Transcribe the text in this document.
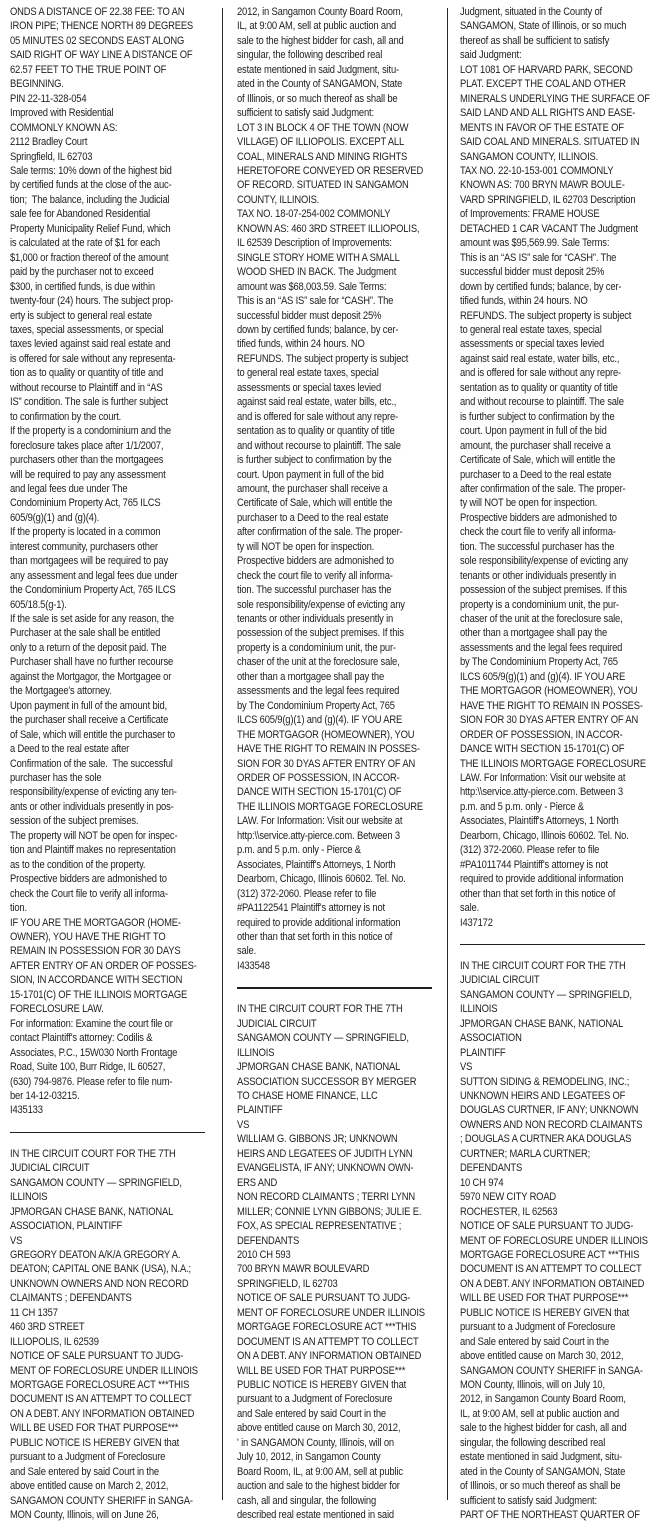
ONDS A DISTANCE OF 22.38 FEE: TO AN
IRON PIPE; THENCE NORTH 89 DEGREES
05 MINUTES 02 SECONDS EAST ALONG
SAID RIGHT OF WAY LINE A DISTANCE OF
62.57 FEET TO THE TRUE POINT OF
BEGINNING.
PIN 22-11-328-054
Improved with Residential
COMMONLY KNOWN AS:
2112 Bradley Court
Springfield, IL 62703
Sale terms: 10% down of the highest bid
by certified funds at the close of the auc-
tion;  The balance, including the Judicial
sale fee for Abandoned Residential
Property Municipality Relief Fund, which
is calculated at the rate of $1 for each
$1,000 or fraction thereof of the amount
paid by the purchaser not to exceed
$300, in certified funds, is due within
twenty-four (24) hours. The subject prop-
erty is subject to general real estate
taxes, special assessments, or special
taxes levied against said real estate and
is offered for sale without any representa-
tion as to quality or quantity of title and
without recourse to Plaintiff and in “AS
IS” condition. The sale is further subject
to confirmation by the court.
If the property is a condominium and the
foreclosure takes place after 1/1/2007,
purchasers other than the mortgagees
will be required to pay any assessment
and legal fees due under The
Condominium Property Act, 765 ILCS
605/9(g)(1) and (g)(4).
If the property is located in a common
interest community, purchasers other
than mortgagees will be required to pay
any assessment and legal fees due under
the Condominium Property Act, 765 ILCS
605/18.5(g-1).
If the sale is set aside for any reason, the
Purchaser at the sale shall be entitled
only to a return of the deposit paid. The
Purchaser shall have no further recourse
against the Mortgagor, the Mortgagee or
the Mortgagee's attorney.
Upon payment in full of the amount bid,
the purchaser shall receive a Certificate
of Sale, which will entitle the purchaser to
a Deed to the real estate after
Confirmation of the sale.  The successful
purchaser has the sole
responsibility/expense of evicting any ten-
ants or other individuals presently in pos-
session of the subject premises.
The property will NOT be open for inspec-
tion and Plaintiff makes no representation
as to the condition of the property.
Prospective bidders are admonished to
check the Court file to verify all informa-
tion.
IF YOU ARE THE MORTGAGOR (HOME-
OWNER), YOU HAVE THE RIGHT TO
REMAIN IN POSSESSION FOR 30 DAYS
AFTER ENTRY OF AN ORDER OF POSSES-
SION, IN ACCORDANCE WITH SECTION
15-1701(C) OF THE ILLINOIS MORTGAGE
FORECLOSURE LAW.
For information: Examine the court file or
contact Plaintiff's attorney: Codilis &
Associates, P.C., 15W030 North Frontage
Road, Suite 100, Burr Ridge, IL 60527,
(630) 794-9876. Please refer to file num-
ber 14-12-03215.
I435133
IN THE CIRCUIT COURT FOR THE 7TH
JUDICIAL CIRCUIT
SANGAMON COUNTY — SPRINGFIELD,
ILLINOIS
JPMORGAN CHASE BANK, NATIONAL
ASSOCIATION, PLAINTIFF
VS
GREGORY DEATON A/K/A GREGORY A.
DEATON; CAPITAL ONE BANK (USA), N.A.;
UNKNOWN OWNERS AND NON RECORD
CLAIMANTS ; DEFENDANTS
11 CH 1357
460 3RD STREET
ILLIOPOLIS, IL 62539
NOTICE OF SALE PURSUANT TO JUDG-
MENT OF FORECLOSURE UNDER ILLINOIS
MORTGAGE FORECLOSURE ACT ***THIS
DOCUMENT IS AN ATTEMPT TO COLLECT
ON A DEBT. ANY INFORMATION OBTAINED
WILL BE USED FOR THAT PURPOSE***
PUBLIC NOTICE IS HEREBY GIVEN that
pursuant to a Judgment of Foreclosure
and Sale entered by said Court in the
above entitled cause on March 2, 2012,
SANGAMON COUNTY SHERIFF in SANGA-
MON County, Illinois, will on June 26,
2012, in Sangamon County Board Room,
IL, at 9:00 AM, sell at public auction and
sale to the highest bidder for cash, all and
singular, the following described real
estate mentioned in said Judgment, situ-
ated in the County of SANGAMON, State
of Illinois, or so much thereof as shall be
sufficient to satisfy said Judgment:
LOT 3 IN BLOCK 4 OF THE TOWN (NOW
VILLAGE) OF ILLIOPOLIS. EXCEPT ALL
COAL, MINERALS AND MINING RIGHTS
HERETOFORE CONVEYED OR RESERVED
OF RECORD. SITUATED IN SANGAMON
COUNTY, ILLINOIS.
TAX NO. 18-07-254-002 COMMONLY
KNOWN AS: 460 3RD STREET ILLIOPOLIS,
IL 62539 Description of Improvements:
SINGLE STORY HOME WITH A SMALL
WOOD SHED IN BACK. The Judgment
amount was $68,003.59. Sale Terms:
This is an “AS IS” sale for “CASH”. The
successful bidder must deposit 25%
down by certified funds; balance, by cer-
tified funds, within 24 hours. NO
REFUNDS. The subject property is subject
to general real estate taxes, special
assessments or special taxes levied
against said real estate, water bills, etc.,
and is offered for sale without any repre-
sentation as to quality or quantity of title
and without recourse to plaintiff. The sale
is further subject to confirmation by the
court. Upon payment in full of the bid
amount, the purchaser shall receive a
Certificate of Sale, which will entitle the
purchaser to a Deed to the real estate
after confirmation of the sale. The proper-
ty will NOT be open for inspection.
Prospective bidders are admonished to
check the court file to verify all informa-
tion. The successful purchaser has the
sole responsibility/expense of evicting any
tenants or other individuals presently in
possession of the subject premises. If this
property is a condominium unit, the pur-
chaser of the unit at the foreclosure sale,
other than a mortgagee shall pay the
assessments and the legal fees required
by The Condominium Property Act, 765
ILCS 605/9(g)(1) and (g)(4). IF YOU ARE
THE MORTGAGOR (HOMEOWNER), YOU
HAVE THE RIGHT TO REMAIN IN POSSES-
SION FOR 30 DYAS AFTER ENTRY OF AN
ORDER OF POSSESSION, IN ACCOR-
DANCE WITH SECTION 15-1701(C) OF
THE ILLINOIS MORTGAGE FORECLOSURE
LAW. For Information: Visit our website at
http:\\service.atty-pierce.com. Between 3
p.m. and 5 p.m. only - Pierce &
Associates, Plaintiff's Attorneys, 1 North
Dearborn, Chicago, Illinois 60602. Tel. No.
(312) 372-2060. Please refer to file
#PA1122541 Plaintiff's attorney is not
required to provide additional information
other than that set forth in this notice of
sale.
I433548
IN THE CIRCUIT COURT FOR THE 7TH
JUDICIAL CIRCUIT
SANGAMON COUNTY — SPRINGFIELD,
ILLINOIS
JPMORGAN CHASE BANK, NATIONAL
ASSOCIATION SUCCESSOR BY MERGER
TO CHASE HOME FINANCE, LLC
PLAINTIFF
VS
WILLIAM G. GIBBONS JR; UNKNOWN
HEIRS AND LEGATEES OF JUDITH LYNN
EVANGELISTA, IF ANY; UNKNOWN OWN-
ERS AND
NON RECORD CLAIMANTS ; TERRI LYNN
MILLER; CONNIE LYNN GIBBONS; JULIE E.
FOX, AS SPECIAL REPRESENTATIVE ;
DEFENDANTS
2010 CH 593
700 BRYN MAWR BOULEVARD
SPRINGFIELD, IL 62703
NOTICE OF SALE PURSUANT TO JUDG-
MENT OF FORECLOSURE UNDER ILLINOIS
MORTGAGE FORECLOSURE ACT ***THIS
DOCUMENT IS AN ATTEMPT TO COLLECT
ON A DEBT. ANY INFORMATION OBTAINED
WILL BE USED FOR THAT PURPOSE***
PUBLIC NOTICE IS HEREBY GIVEN that
pursuant to a Judgment of Foreclosure
and Sale entered by said Court in the
above entitled cause on March 30, 2012,
' in SANGAMON County, Illinois, will on
July 10, 2012, in Sangamon County
Board Room, IL, at 9:00 AM, sell at public
auction and sale to the highest bidder for
cash, all and singular, the following
described real estate mentioned in said
Judgment, situated in the County of
SANGAMON, State of Illinois, or so much
thereof as shall be sufficient to satisfy
said Judgment:
LOT 1081 OF HARVARD PARK, SECOND
PLAT. EXCEPT THE COAL AND OTHER
MINERALS UNDERLYING THE SURFACE OF
SAID LAND AND ALL RIGHTS AND EASE-
MENTS IN FAVOR OF THE ESTATE OF
SAID COAL AND MINERALS. SITUATED IN
SANGAMON COUNTY, ILLINOIS.
TAX NO. 22-10-153-001 COMMONLY
KNOWN AS: 700 BRYN MAWR BOULE-
VARD SPRINGFIELD, IL 62703 Description
of Improvements: FRAME HOUSE
DETACHED 1 CAR VACANT The Judgment
amount was $95,569.99. Sale Terms:
This is an “AS IS” sale for “CASH”. The
successful bidder must deposit 25%
down by certified funds; balance, by cer-
tified funds, within 24 hours. NO
REFUNDS. The subject property is subject
to general real estate taxes, special
assessments or special taxes levied
against said real estate, water bills, etc.,
and is offered for sale without any repre-
sentation as to quality or quantity of title
and without recourse to plaintiff. The sale
is further subject to confirmation by the
court. Upon payment in full of the bid
amount, the purchaser shall receive a
Certificate of Sale, which will entitle the
purchaser to a Deed to the real estate
after confirmation of the sale. The proper-
ty will NOT be open for inspection.
Prospective bidders are admonished to
check the court file to verify all informa-
tion. The successful purchaser has the
sole responsibility/expense of evicting any
tenants or other individuals presently in
possession of the subject premises. If this
property is a condominium unit, the pur-
chaser of the unit at the foreclosure sale,
other than a mortgagee shall pay the
assessments and the legal fees required
by The Condominium Property Act, 765
ILCS 605/9(g)(1) and (g)(4). IF YOU ARE
THE MORTGAGOR (HOMEOWNER), YOU
HAVE THE RIGHT TO REMAIN IN POSSES-
SION FOR 30 DYAS AFTER ENTRY OF AN
ORDER OF POSSESSION, IN ACCOR-
DANCE WITH SECTION 15-1701(C) OF
THE ILLINOIS MORTGAGE FORECLOSURE
LAW. For Information: Visit our website at
http:\\service.atty-pierce.com. Between 3
p.m. and 5 p.m. only - Pierce &
Associates, Plaintiff's Attorneys, 1 North
Dearborn, Chicago, Illinois 60602. Tel. No.
(312) 372-2060. Please refer to file
#PA1011744 Plaintiff's attorney is not
required to provide additional information
other than that set forth in this notice of
sale.
I437172
IN THE CIRCUIT COURT FOR THE 7TH
JUDICIAL CIRCUIT
SANGAMON COUNTY — SPRINGFIELD,
ILLINOIS
JPMORGAN CHASE BANK, NATIONAL
ASSOCIATION
PLAINTIFF
VS
SUTTON SIDING & REMODELING, INC.;
UNKNOWN HEIRS AND LEGATEES OF
DOUGLAS CURTNER, IF ANY; UNKNOWN
OWNERS AND NON RECORD CLAIMANTS
; DOUGLAS A CURTNER AKA DOUGLAS
CURTNER; MARLA CURTNER;
DEFENDANTS
10 CH 974
5970 NEW CITY ROAD
ROCHESTER, IL 62563
NOTICE OF SALE PURSUANT TO JUDG-
MENT OF FORECLOSURE UNDER ILLINOIS
MORTGAGE FORECLOSURE ACT ***THIS
DOCUMENT IS AN ATTEMPT TO COLLECT
ON A DEBT. ANY INFORMATION OBTAINED
WILL BE USED FOR THAT PURPOSE***
PUBLIC NOTICE IS HEREBY GIVEN that
pursuant to a Judgment of Foreclosure
and Sale entered by said Court in the
above entitled cause on March 30, 2012,
SANGAMON COUNTY SHERIFF in SANGA-
MON County, Illinois, will on July 10,
2012, in Sangamon County Board Room,
IL, at 9:00 AM, sell at public auction and
sale to the highest bidder for cash, all and
singular, the following described real
estate mentioned in said Judgment, situ-
ated in the County of SANGAMON, State
of Illinois, or so much thereof as shall be
sufficient to satisfy said Judgment:
PART OF THE NORTHEAST QUARTER OF
